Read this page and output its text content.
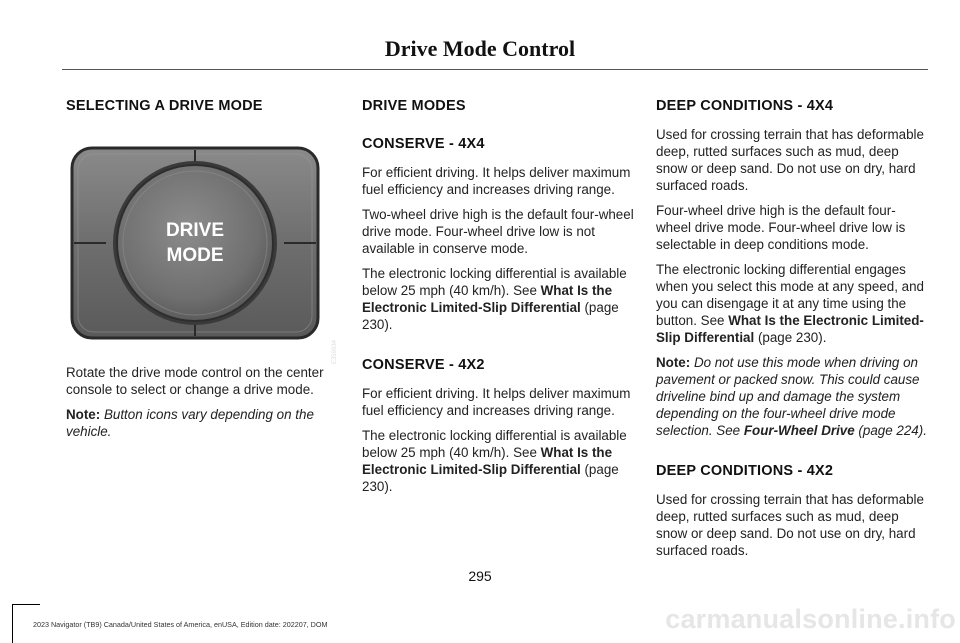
Drive Mode Control
SELECTING A DRIVE MODE
DRIVE
MODE
E359934

Rotate the drive mode control on the center console to select or change a drive mode.

Note: Button icons vary depending on the vehicle.

DRIVE MODES
CONSERVE - 4X4

For efficient driving. It helps deliver maximum fuel efficiency and increases driving range.

Two-wheel drive high is the default four-wheel drive mode. Four-wheel drive low is not available in conserve mode.

The electronic locking differential is available below 25 mph (40 km/h). See What Is the Electronic Limited-Slip Differential (page 230).

CONSERVE - 4X2

For efficient driving. It helps deliver maximum fuel efficiency and increases driving range.

The electronic locking differential is available below 25 mph (40 km/h). See What Is the Electronic Limited-Slip Differential (page 230).

DEEP CONDITIONS - 4X4

Used for crossing terrain that has deformable deep, rutted surfaces such as mud, deep snow or deep sand. Do not use on dry, hard surfaced roads.

Four-wheel drive high is the default four-wheel drive mode. Four-wheel drive low is selectable in deep conditions mode.

The electronic locking differential engages when you select this mode at any speed, and you can disengage it at any time using the button. See What Is the Electronic Limited-Slip Differential (page 230).

Note: Do not use this mode when driving on pavement or packed snow. This could cause driveline bind up and damage the system depending on the four-wheel drive mode selection. See Four-Wheel Drive (page 224).

DEEP CONDITIONS - 4X2

Used for crossing terrain that has deformable deep, rutted surfaces such as mud, deep snow or deep sand. Do not use on dry, hard surfaced roads.

295
2023 Navigator (TB9) Canada/United States of America, enUSA, Edition date: 202207, DOM	carmanualsonline.info
